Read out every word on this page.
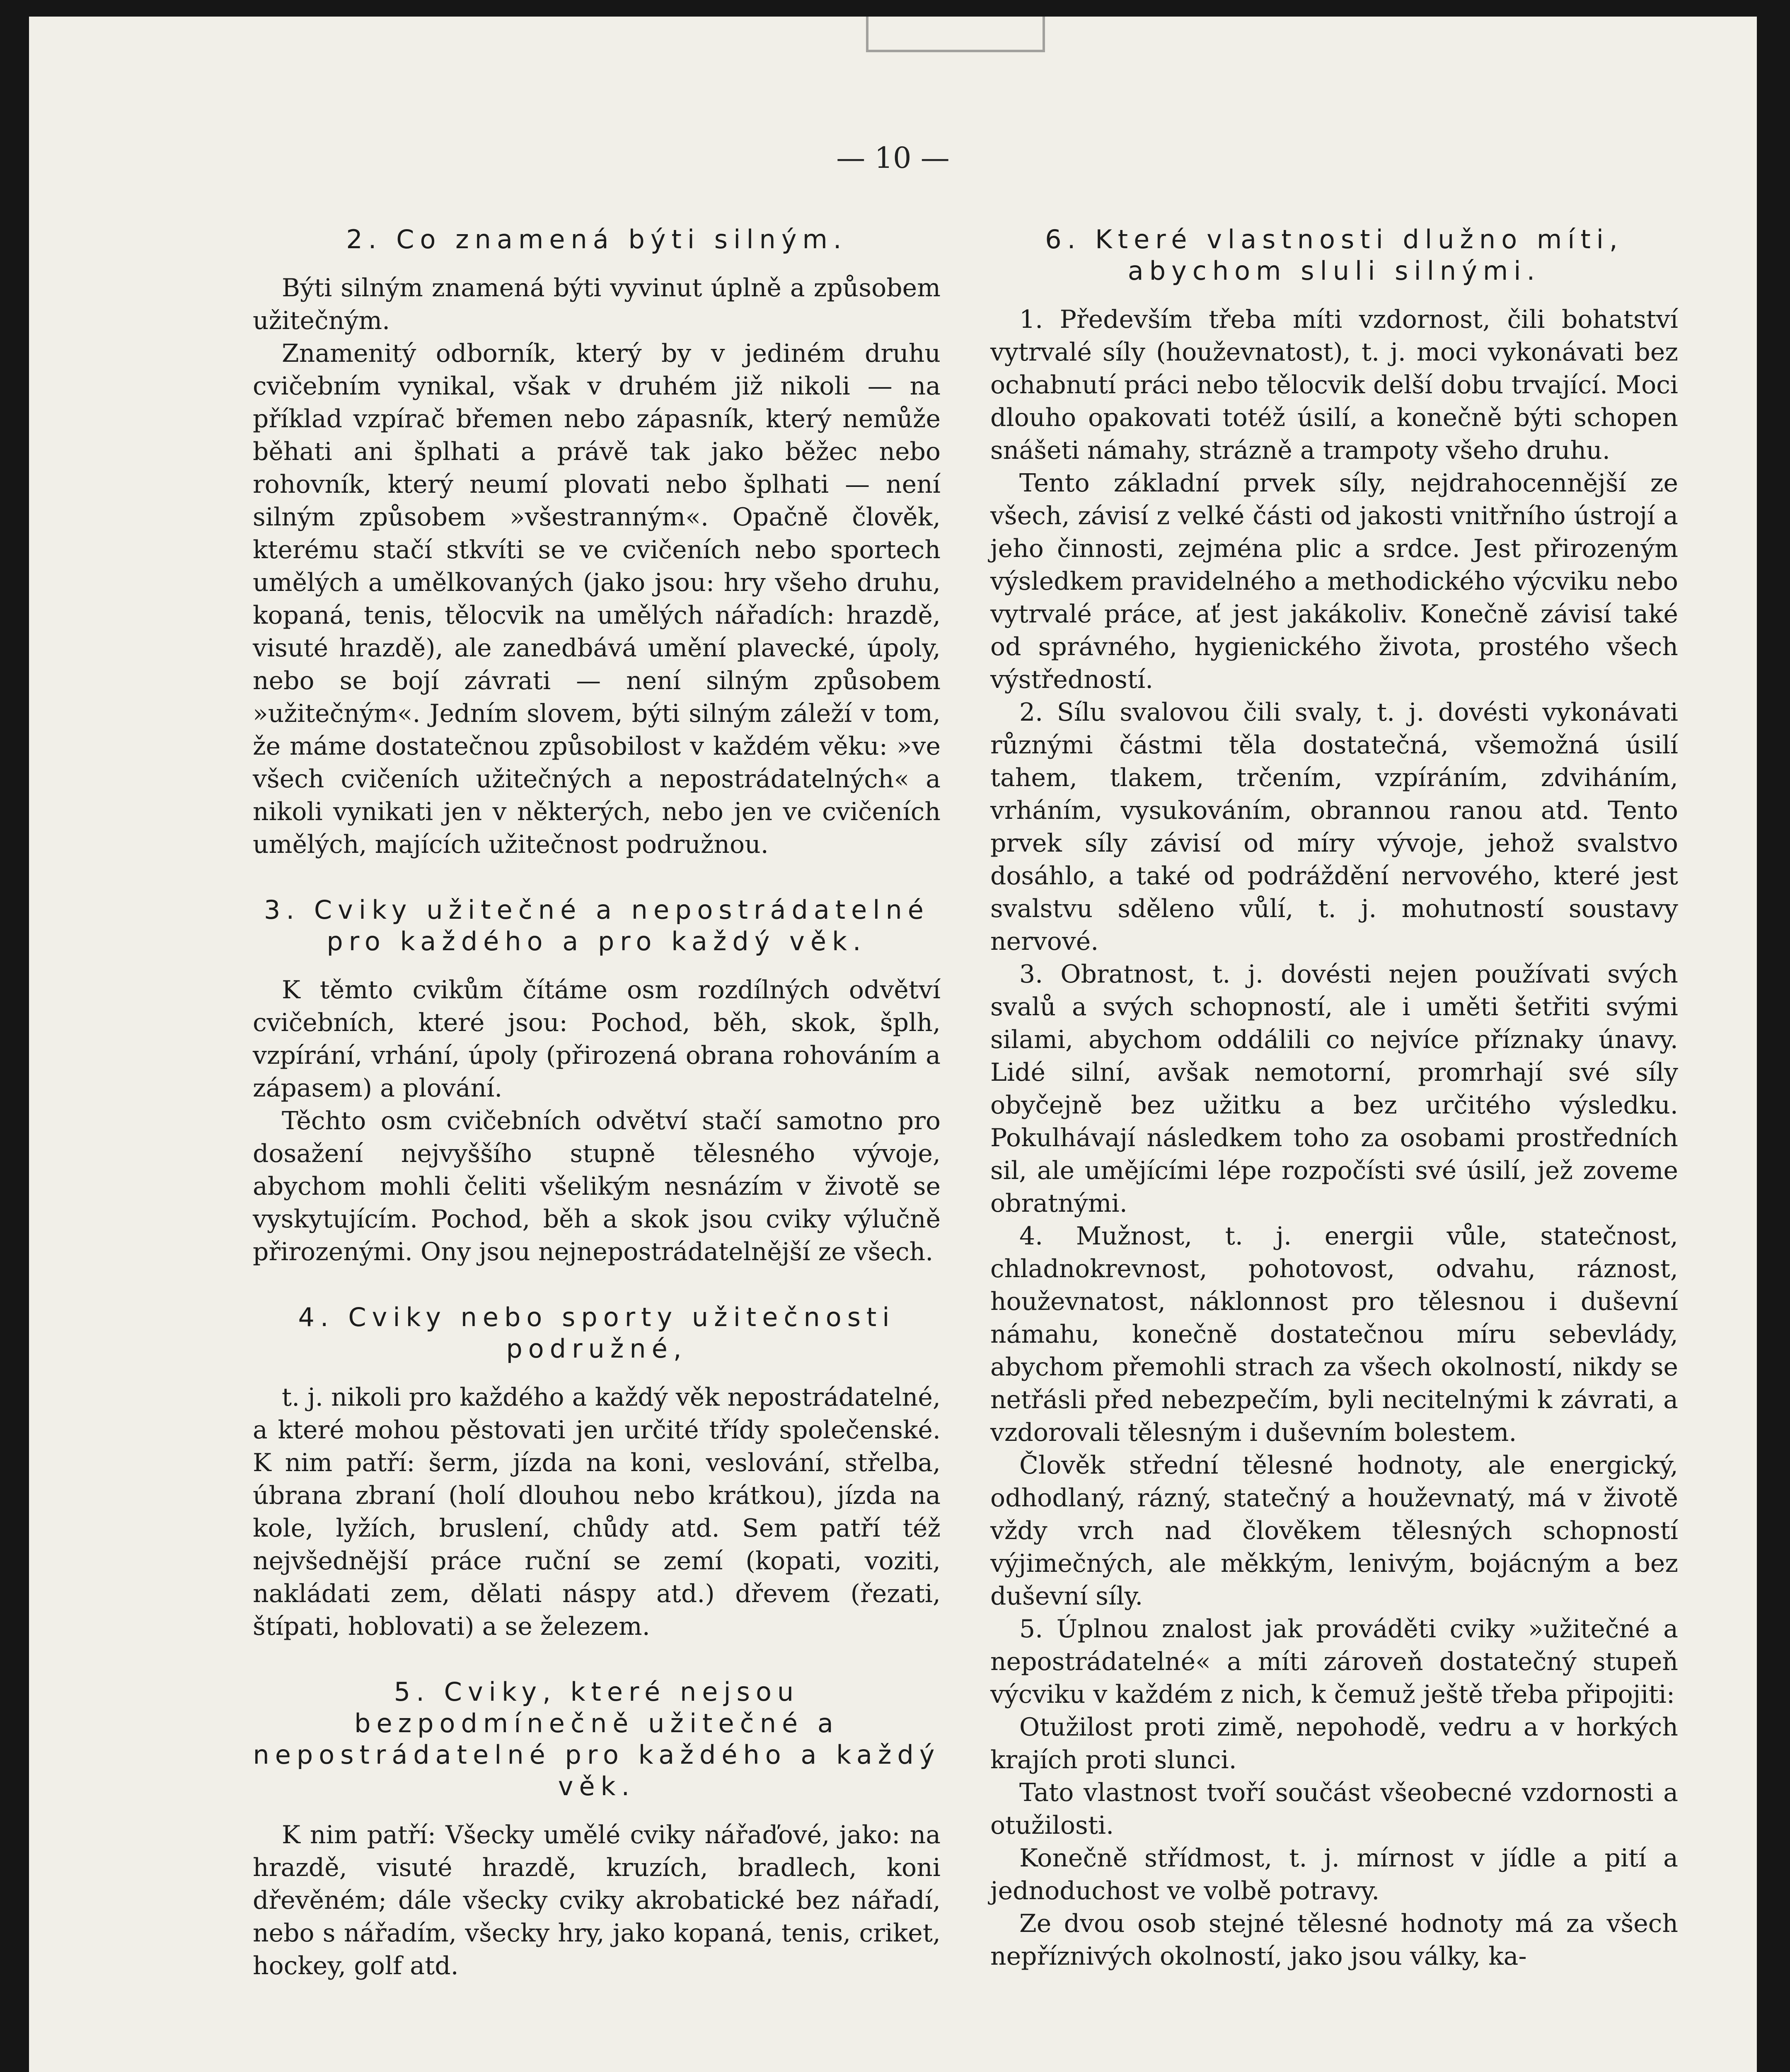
— 10 —
2. Co znamená býti silným.

Býti silným znamená býti vyvinut úplně a způsobem užitečným.

Znamenitý odborník, který by v jediném druhu cvičebním vynikal, však v druhém již nikoli — na příklad vzpírač břemen nebo zápasník, který nemůže běhati ani šplhati a právě tak jako běžec nebo rohovník, který neumí plovati nebo šplhati — není silným způsobem »všestranným«. Opačně člověk, kterému stačí stkvíti se ve cvičeních nebo sportech umělých a umělkovaných (jako jsou: hry všeho druhu, kopaná, tenis, tělocvik na umělých nářadích: hrazdě, visuté hrazdě), ale zanedbává umění plavecké, úpoly, nebo se bojí závrati — není silným způsobem »užitečným«. Jedním slovem, býti silným záleží v tom, že máme dostatečnou způsobilost v každém věku: »ve všech cvičeních užitečných a nepostrádatelných« a nikoli vynikati jen v některých, nebo jen ve cvičeních umělých, majících užitečnost podružnou.

3. Cviky užitečné a nepostrádatelné pro každého a pro každý věk.

K těmto cvikům čítáme osm rozdílných odvětví cvičebních, které jsou: Pochod, běh, skok, šplh, vzpírání, vrhání, úpoly (přirozená obrana rohováním a zápasem) a plování.

Těchto osm cvičebních odvětví stačí samotno pro dosažení nejvyššího stupně tělesného vývoje, abychom mohli čeliti všelikým nesnázím v životě se vyskytujícím. Pochod, běh a skok jsou cviky výlučně přirozenými. Ony jsou nejnepostrádatelnější ze všech.

4. Cviky nebo sporty užitečnosti podružné,

t. j. nikoli pro každého a každý věk nepostrádatelné, a které mohou pěstovati jen určité třídy společenské. K nim patří: šerm, jízda na koni, veslování, střelba, úbrana zbraní (holí dlouhou nebo krátkou), jízda na kole, lyžích, bruslení, chůdy atd. Sem patří též nejvšednější práce ruční se zemí (kopati, voziti, nakládati zem, dělati náspy atd.) dřevem (řezati, štípati, hoblovati) a se železem.

5. Cviky, které nejsou bezpodmínečně užitečné a nepostrádatelné pro každého a každý věk.

K nim patří: Všecky umělé cviky nářaďové, jako: na hrazdě, visuté hrazdě, kruzích, bradlech, koni dřevěném; dále všecky cviky akrobatické bez nářadí, nebo s nářadím, všecky hry, jako kopaná, tenis, criket, hockey, golf atd.

6. Které vlastnosti dlužno míti, abychom sluli silnými.

1. Především třeba míti vzdornost, čili bohatství vytrvalé síly (houževnatost), t. j. moci vykonávati bez ochabnutí práci nebo tělocvik delší dobu trvající. Moci dlouho opakovati totéž úsilí, a konečně býti schopen snášeti námahy, strázně a trampoty všeho druhu.

Tento základní prvek síly, nejdrahocennější ze všech, závisí z velké části od jakosti vnitřního ústrojí a jeho činnosti, zejména plic a srdce. Jest přirozeným výsledkem pravidelného a methodického výcviku nebo vytrvalé práce, ať jest jakákoliv. Konečně závisí také od správného, hygienického života, prostého všech výstředností.

2. Sílu svalovou čili svaly, t. j. dovésti vykonávati různými částmi těla dostatečná, všemožná úsilí tahem, tlakem, trčením, vzpíráním, zdviháním, vrháním, vysukováním, obrannou ranou atd. Tento prvek síly závisí od míry vývoje, jehož svalstvo dosáhlo, a také od podráždění nervového, které jest svalstvu sděleno vůlí, t. j. mohutností soustavy nervové.

3. Obratnost, t. j. dovésti nejen používati svých svalů a svých schopností, ale i uměti šetřiti svými silami, abychom oddálili co nejvíce příznaky únavy. Lidé silní, avšak nemotorní, promrhají své síly obyčejně bez užitku a bez určitého výsledku. Pokulhávají následkem toho za osobami prostředních sil, ale umějícími lépe rozpočísti své úsilí, jež zoveme obratnými.

4. Mužnost, t. j. energii vůle, statečnost, chladnokrevnost, pohotovost, odvahu, ráznost, houževnatost, náklonnost pro tělesnou i duševní námahu, konečně dostatečnou míru sebevlády, abychom přemohli strach za všech okolností, nikdy se netřásli před nebezpečím, byli necitelnými k závrati, a vzdorovali tělesným i duševním bolestem.

Člověk střední tělesné hodnoty, ale energický, odhodlaný, rázný, statečný a houževnatý, má v životě vždy vrch nad člověkem tělesných schopností výjimečných, ale měkkým, lenivým, bojácným a bez duševní síly.

5. Úplnou znalost jak prováděti cviky »užitečné a nepostrádatelné« a míti zároveň dostatečný stupeň výcviku v každém z nich, k čemuž ještě třeba připojiti:

Otužilost proti zimě, nepohodě, vedru a v horkých krajích proti slunci.

Tato vlastnost tvoří součást všeobecné vzdornosti a otužilosti.

Konečně střídmost, t. j. mírnost v jídle a pití a jednoduchost ve volbě potravy.

Ze dvou osob stejné tělesné hodnoty má za všech nepříznivých okolností, jako jsou války, ka-
